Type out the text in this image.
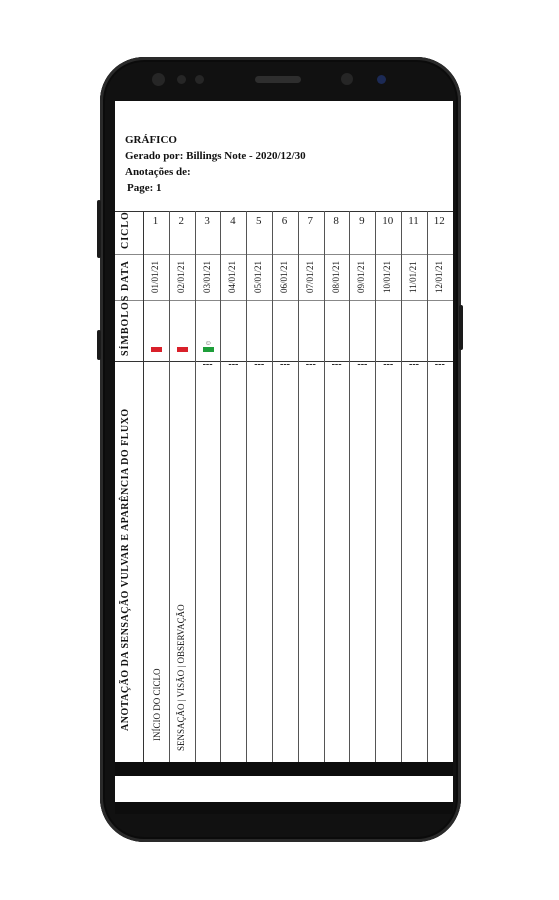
GRÁFICO
Gerado por: Billings Note - 2020/12/30
Anotações de:
Page: 1
CICLO
DATA
SÍMBOLOS
ANOTAÇÃO DA SENSAÇÃO VULVAR E APARÊNCIA DO FLUXO INÍCIO DO CICLO SENSAÇÃO | VISÃO | OBSERVAÇÃO
1
01/01/21
2
02/01/21
3
03/01/21
---
4
04/01/21
---
5
05/01/21
---
6
06/01/21
---
7
07/01/21
---
8
08/01/21
---
9
09/01/21
---
10
10/01/21
---
11
11/01/21
---
12
12/01/21
---
☺
